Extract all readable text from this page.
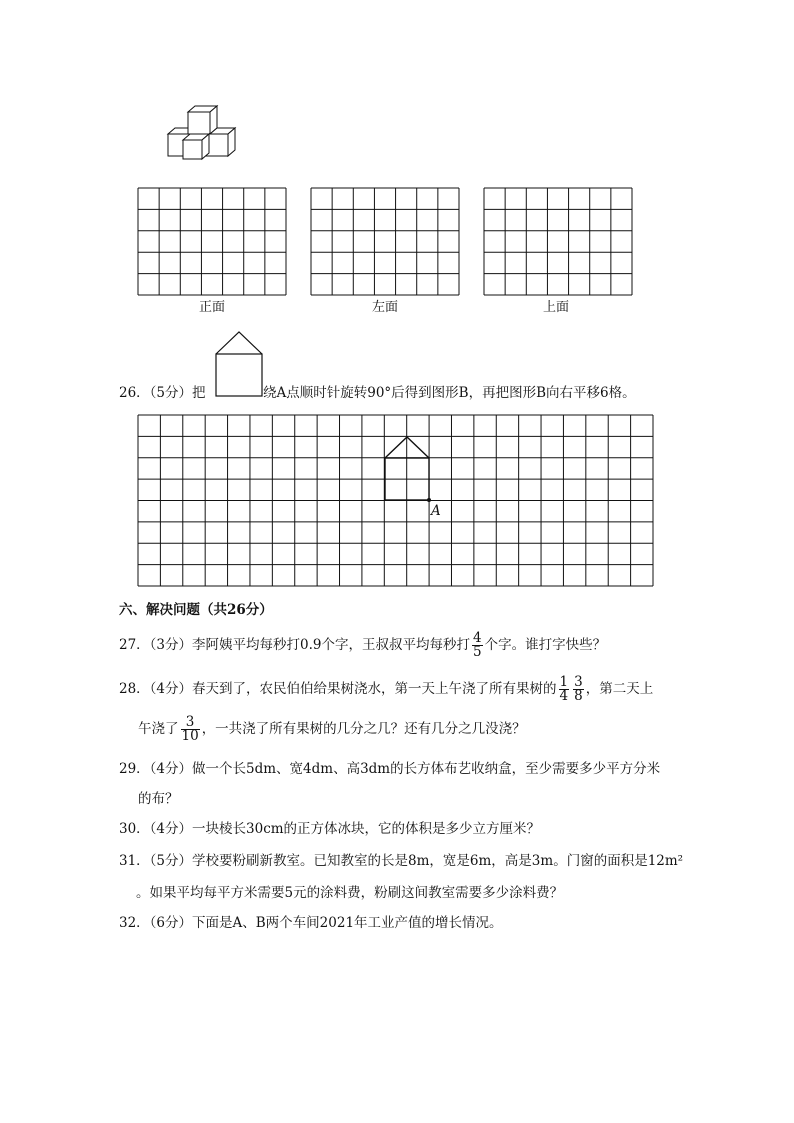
正面	左面	上面
26．（5分）把	绕A点顺时针旋转90°后得到图形B，再把图形B向右平移6格。
A
六、解决问题（共26分）
27．（3分）李阿姨平均每秒打0.9个字，王叔叔平均每秒打 $\frac{4}{5}$ 个字。谁打字快些？
28．（4分）春天到了，农民伯伯给果树浇水，第一天上午浇了所有果树的 $\frac{1}{4} \frac{3}{8}$ ，第二天上
午浇了 $\frac{3}{10}$ ，一共浇了所有果树的几分之几？还有几分之几没浇？
29．（4分）做一个长5dm、宽4dm、高3dm的长方体布艺收纳盒，至少需要多少平方分米
的布？
30．（4分）一块棱长30cm的正方体冰块，它的体积是多少立方厘米？
31．（5分）学校要粉刷新教室。已知教室的长是8m，宽是6m，高是3m。门窗的面积是12m²
。如果平均每平方米需要5元的涂料费，粉刷这间教室需要多少涂料费？
32．（6分）下面是A、B两个车间2021年工业产值的增长情况。
